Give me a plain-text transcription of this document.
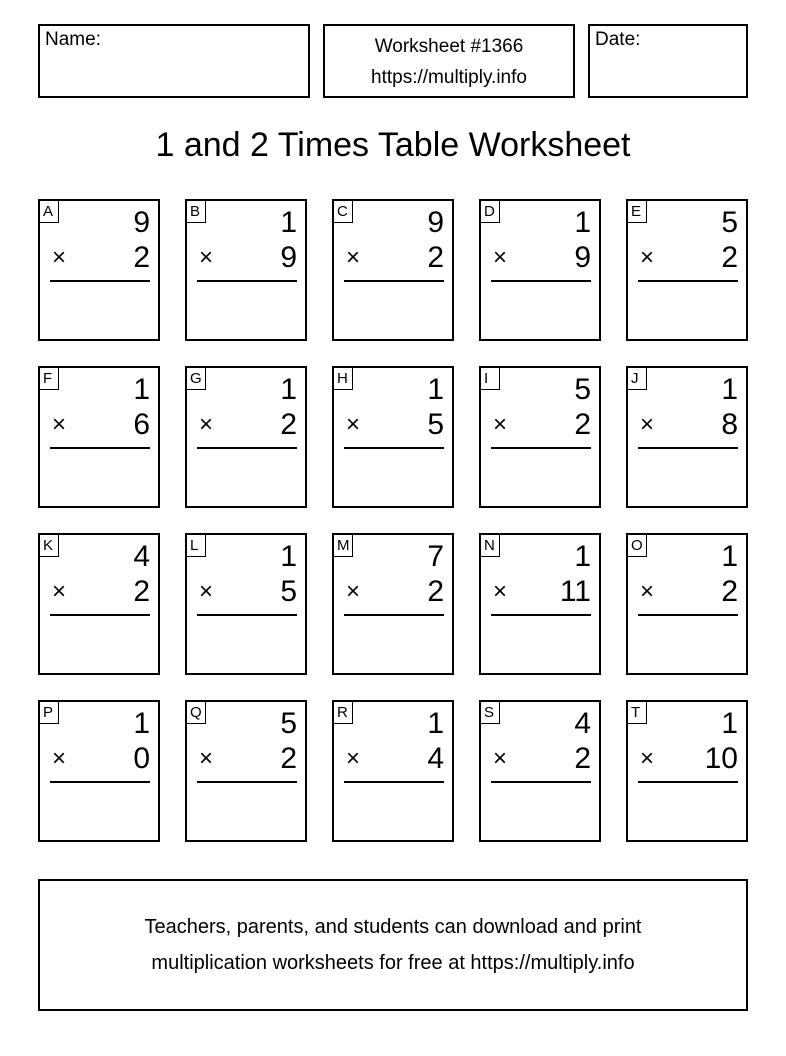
Name:	Worksheet #1366
https://multiply.info
Date:
1 and 2 Times Table Worksheet
A	9
× 2
B	1
× 9
C	9
× 2
D	1
× 9
E	5
× 2
F	1
× 6
G	1
× 2
H	1
× 5
I	5
× 2
J	1
× 8
K	4
× 2
L	1
× 5
M	7
× 2
N	1
× 11
O	1
× 2
P	1
× 0
Q	5
× 2
R	1
× 4
S	4
× 2
T	1
× 10
Teachers, parents, and students can download and print
multiplication worksheets for free at https://multiply.info
